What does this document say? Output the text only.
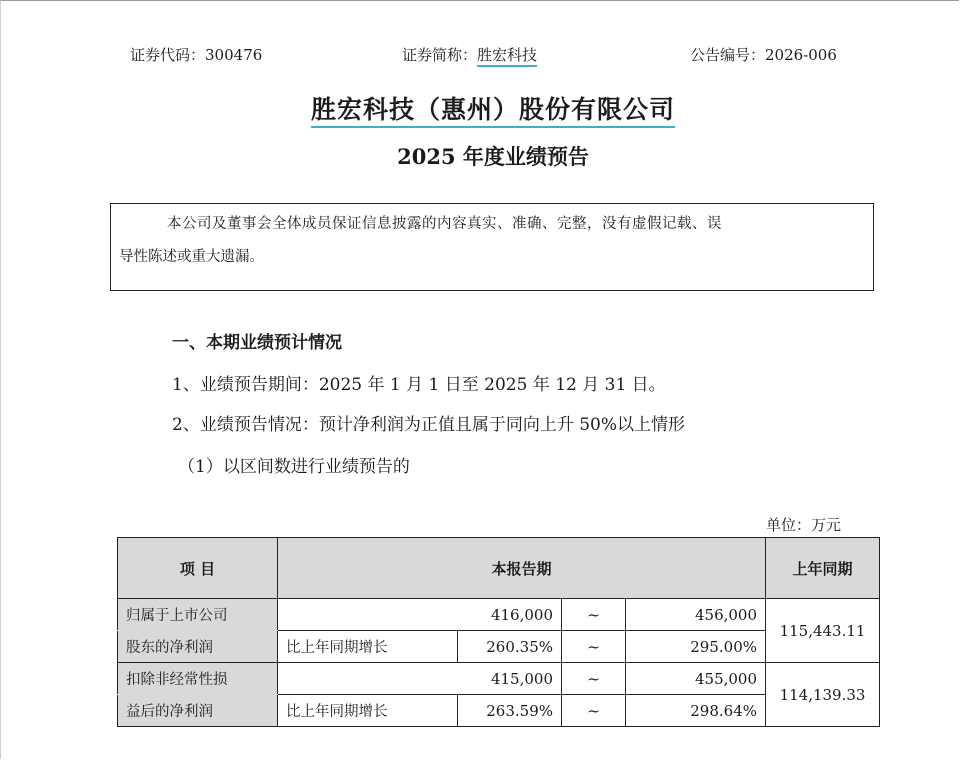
证券代码：300476	证券简称：胜宏科技	公告编号：2026-006
胜宏科技（惠州）股份有限公司
2025 年度业绩预告
本公司及董事会全体成员保证信息披露的内容真实、准确、完整，没有虚假记载、误
导性陈述或重大遗漏。
一、本期业绩预计情况
1、业绩预告期间：2025 年 1 月 1 日至 2025 年 12 月 31 日。
2、业绩预告情况：预计净利润为正值且属于同向上升 50%以上情形
（1）以区间数进行业绩预告的
单位：万元
项 目	本报告期				上年同期
归属于上市公司	416,000		~	456,000	115,443.11
股东的净利润	比上年同期增长	260.35%	~	295.00%	
扣除非经常性损	415,000		~	455,000	114,139.33
益后的净利润	比上年同期增长	263.59%	~	298.64%	
